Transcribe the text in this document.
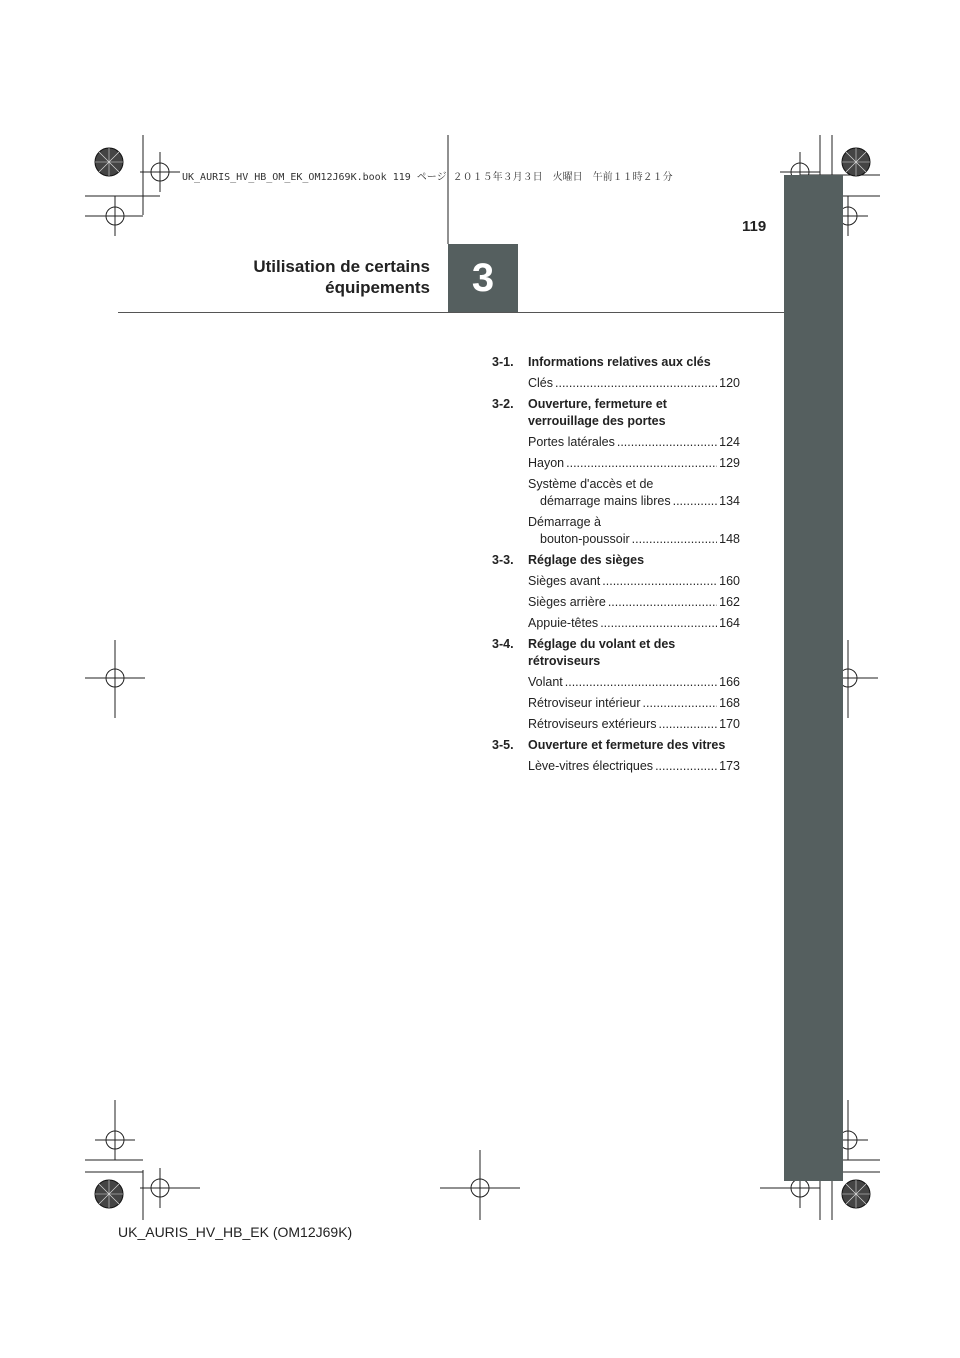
UK_AURIS_HV_HB_OM_EK_OM12J69K.book 119 ページ ２０１５年３月３日　火曜日　午前１１時２１分
119
Utilisation de certains
équipements	3
3-1.	Informations relatives aux clés
Clés .....	120
3-2.	Ouverture, fermeture et verrouillage des portes
Portes latérales .....	124
Hayon .....	129
Système d'accès et de
démarrage mains libres .....	134
Démarrage à
bouton-poussoir .....	148
3-3.	Réglage des sièges
Sièges avant .....	160
Sièges arrière .....	162
Appuie-têtes .....	164
3-4.	Réglage du volant et des rétroviseurs
Volant .....	166
Rétroviseur intérieur .....	168
Rétroviseurs extérieurs .....	170
3-5.	Ouverture et fermeture des vitres
Lève-vitres électriques .....	173
UK_AURIS_HV_HB_EK (OM12J69K)
